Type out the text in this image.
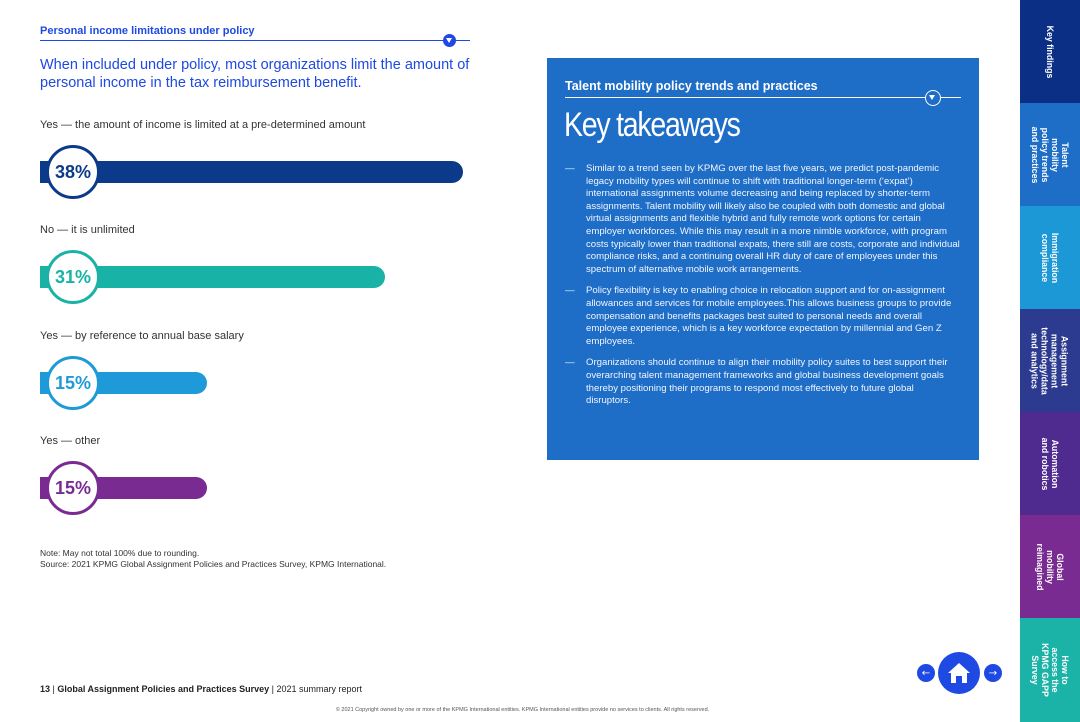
Personal income limitations under policy
When included under policy, most organizations limit the amount of personal income in the tax reimbursement benefit.
Yes — the amount of income is limited at a pre-determined amount
38%
No — it is unlimited
31%
Yes — by reference to annual base salary
15%
Yes — other
15%
Note: May not total 100% due to rounding.
Source: 2021 KPMG Global Assignment Policies and Practices Survey, KPMG International.
Talent mobility policy trends and practices
Key takeaways
— Similar to a trend seen by KPMG over the last five years, we predict post-pandemic legacy mobility types will continue to shift with traditional longer-term (‘expat’) international assignments volume decreasing and being replaced by shorter-term assignments. Talent mobility will likely also be coupled with both domestic and global virtual assignments and flexible hybrid and fully remote work options for certain employer workforces. While this may result in a more nimble workforce, with program costs typically lower than traditional expats, there still are costs, corporate and individual compliance risks, and a continuing overall HR duty of care of employees under this spectrum of alternative mobile work arrangements.
— Policy flexibility is key to enabling choice in relocation support and for on-assignment allowances and services for mobile employees.This allows business groups to provide compensation and benefits packages best suited to personal needs and overall employee experience, which is a key workforce expectation by millennial and Gen Z employees.
— Organizations should continue to align their mobility policy suites to best support their overarching talent management frameworks and global business development goals thereby positioning their programs to respond most effectively to future global disruptors.
Key findings
Talent mobility policy trends and practices
Immigration compliance
Assignment management technology/data and analytics
Automation and robotics
Global mobility reimagined
How to access the KPMG GAPP Survey
←	→
13 | Global Assignment Policies and Practices Survey | 2021 summary report
© 2021 Copyright owned by one or more of the KPMG International entities. KPMG International entities provide no services to clients. All rights reserved.
